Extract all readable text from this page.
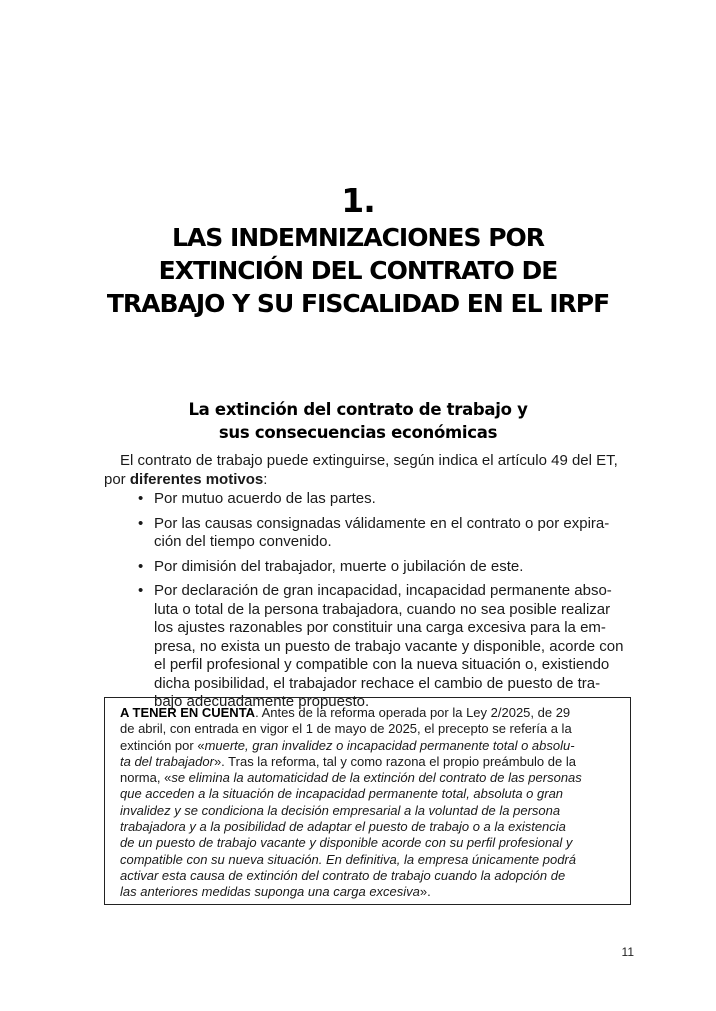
1.
LAS INDEMNIZACIONES POR
EXTINCIÓN DEL CONTRATO DE
TRABAJO Y SU FISCALIDAD EN EL IRPF
La extinción del contrato de trabajo y
sus consecuencias económicas
El contrato de trabajo puede extinguirse, según indica el artículo 49 del ET,
por diferentes motivos:
• Por mutuo acuerdo de las partes.
• Por las causas consignadas válidamente en el contrato o por expira-
ción del tiempo convenido.
• Por dimisión del trabajador, muerte o jubilación de este.
• Por declaración de gran incapacidad, incapacidad permanente abso-
luta o total de la persona trabajadora, cuando no sea posible realizar
los ajustes razonables por constituir una carga excesiva para la em-
presa, no exista un puesto de trabajo vacante y disponible, acorde con
el perfil profesional y compatible con la nueva situación o, existiendo
dicha posibilidad, el trabajador rechace el cambio de puesto de tra-
bajo adecuadamente propuesto.
A TENER EN CUENTA. Antes de la reforma operada por la Ley 2/2025, de 29
de abril, con entrada en vigor el 1 de mayo de 2025, el precepto se refería a la
extinción por «muerte, gran invalidez o incapacidad permanente total o absolu-
ta del trabajador». Tras la reforma, tal y como razona el propio preámbulo de la
norma, «se elimina la automaticidad de la extinción del contrato de las personas
que acceden a la situación de incapacidad permanente total, absoluta o gran
invalidez y se condiciona la decisión empresarial a la voluntad de la persona
trabajadora y a la posibilidad de adaptar el puesto de trabajo o a la existencia
de un puesto de trabajo vacante y disponible acorde con su perfil profesional y
compatible con su nueva situación. En definitiva, la empresa únicamente podrá
activar esta causa de extinción del contrato de trabajo cuando la adopción de
las anteriores medidas suponga una carga excesiva».
11
